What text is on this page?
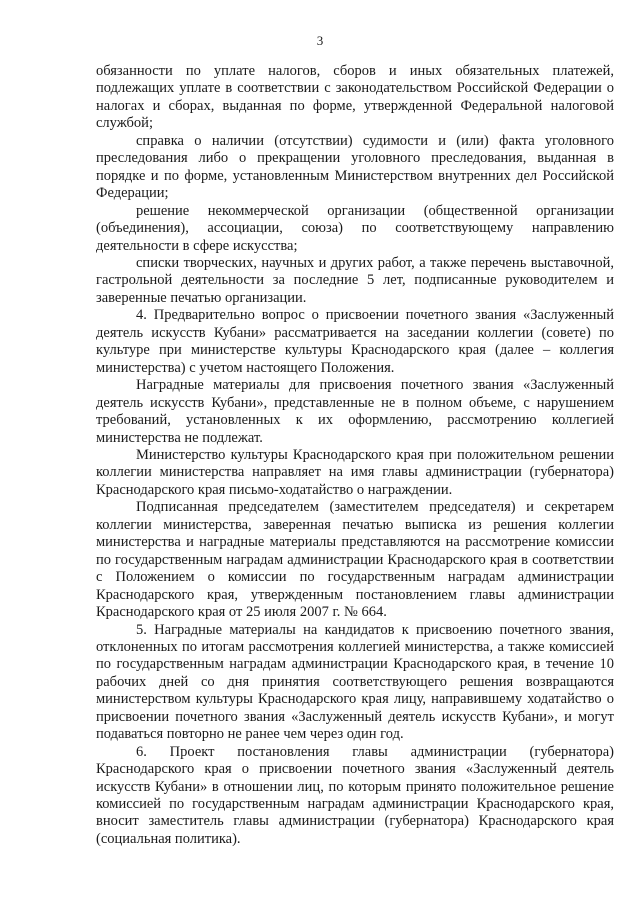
3

обязанности по уплате налогов, сборов и иных обязательных платежей, подлежащих уплате в соответствии с законодательством Российской Федерации о налогах и сборах, выданная по форме, утвержденной Федеральной налоговой службой;

справка о наличии (отсутствии) судимости и (или) факта уголовного преследования либо о прекращении уголовного преследования, выданная в порядке и по форме, установленным Министерством внутренних дел Российской Федерации;

решение некоммерческой организации (общественной организации (объединения), ассоциации, союза) по соответствующему направлению деятельности в сфере искусства;

списки творческих, научных и других работ, а также перечень выставочной, гастрольной деятельности за последние 5 лет, подписанные руководителем и заверенные печатью организации.

4. Предварительно вопрос о присвоении почетного звания «Заслуженный деятель искусств Кубани» рассматривается на заседании коллегии (совете) по культуре при министерстве культуры Краснодарского края (далее – коллегия министерства) с учетом настоящего Положения.

Наградные материалы для присвоения почетного звания «Заслуженный деятель искусств Кубани», представленные не в полном объеме, с нарушением требований, установленных к их оформлению, рассмотрению коллегией министерства не подлежат.

Министерство культуры Краснодарского края при положительном решении коллегии министерства направляет на имя главы администрации (губернатора) Краснодарского края письмо-ходатайство о награждении.

Подписанная председателем (заместителем председателя) и секретарем коллегии министерства, заверенная печатью выписка из решения коллегии министерства и наградные материалы представляются на рассмотрение комиссии по государственным наградам администрации Краснодарского края в соответствии с Положением о комиссии по государственным наградам администрации Краснодарского края, утвержденным постановлением главы администрации Краснодарского края от 25 июля 2007 г. № 664.

5. Наградные материалы на кандидатов к присвоению почетного звания, отклоненных по итогам рассмотрения коллегией министерства, а также комиссией по государственным наградам администрации Краснодарского края, в течение 10 рабочих дней со дня принятия соответствующего решения возвращаются министерством культуры Краснодарского края лицу, направившему ходатайство о присвоении почетного звания «Заслуженный деятель искусств Кубани», и могут подаваться повторно не ранее чем через один год.

6. Проект постановления главы администрации (губернатора) Краснодарского края о присвоении почетного звания «Заслуженный деятель искусств Кубани» в отношении лиц, по которым принято положительное решение комиссией по государственным наградам администрации Краснодарского края, вносит заместитель главы администрации (губернатора) Краснодарского края (социальная политика).
